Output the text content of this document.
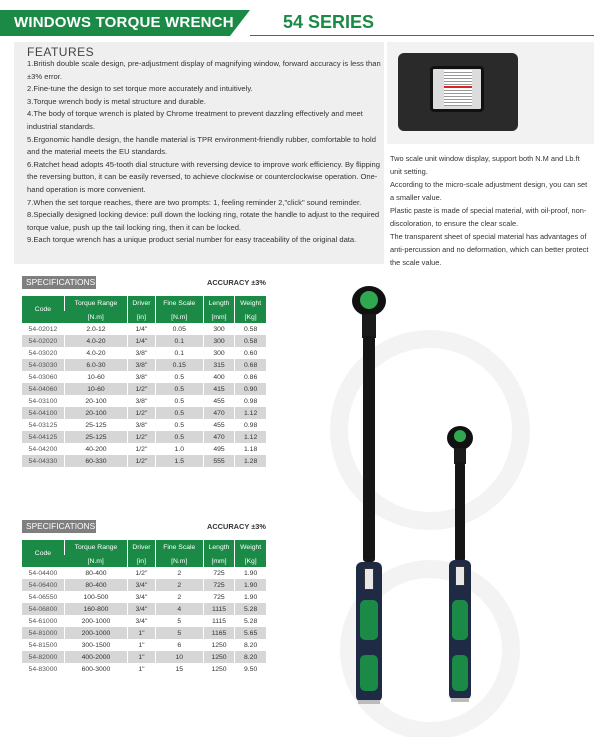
WINDOWS TORQUE WRENCH	54 SERIES
FEATURES
1.British double scale design, pre-adjustment display of magnifying window, forward accuracy is less than ±3% error.
2.Fine-tune the design to set torque more accurately and intuitively.
3.Torque wrench body is metal structure and durable.
4.The body of torque wrench is plated by Chrome treatment to prevent dazzling effectively and meet industrial standards.
5.Ergonomic handle design, the handle material is TPR environment-friendly rubber, comfortable to hold and the material meets the EU standards.
6.Ratchet head adopts 45-tooth dial structure with reversing device to improve work efficiency. By flipping the reversing button, it can be easily reversed, to achieve clockwise or counterclockwise operation. One-hand operation is more convenient.
7.When the set torque reaches, there are two prompts: 1, feeling reminder 2,"click" sound reminder.
8.Specially designed locking device: pull down the locking ring, rotate the handle to adjust to the required torque value, push up the tail locking ring, then it can be locked.
9.Each torque wrench has a unique product serial number for easy traceability of the original data.

Two scale unit window display, support both N.M and Lb.ft unit setting.

According to the micro-scale adjustment design, you can set a smaller value.

Plastic paste is made of special material, with oil-proof, non-discoloration, to ensure the clear scale.

The transparent sheet of special material has advantages of anti-percussion and no deformation, which can better protect the scale value.

SPECIFICATIONS	ACCURACY ±3%
Code	Torque Range	Driver	Fine Scale	Length	Weight
	[N.m]	[in]	[N.m]	[mm]	[Kg]
54-02012	2.0-12	1/4"	0.05	300	0.58
54-02020	4.0-20	1/4"	0.1	300	0.58
54-03020	4.0-20	3/8"	0.1	300	0.60
54-03030	6.0-30	3/8"	0.15	315	0.68
54-03060	10-60	3/8"	0.5	400	0.86
54-04060	10-60	1/2"	0.5	415	0.90
54-03100	20-100	3/8"	0.5	455	0.98
54-04100	20-100	1/2"	0.5	470	1.12
54-03125	25-125	3/8"	0.5	455	0.98
54-04125	25-125	1/2"	0.5	470	1.12
54-04200	40-200	1/2"	1.0	495	1.18
54-04330	60-330	1/2"	1.5	555	1.28
SPECIFICATIONS	ACCURACY ±3%
Code	Torque Range	Driver	Fine Scale	Length	Weight
	[N.m]	[in]	[N.m]	[mm]	[Kg]
54-04400	80-400	1/2"	2	725	1.90
54-06400	80-400	3/4"	2	725	1.90
54-06550	100-500	3/4"	2	725	1.90
54-06800	160-800	3/4"	4	1115	5.28
54-61000	200-1000	3/4"	5	1115	5.28
54-81000	200-1000	1"	5	1165	5.65
54-81500	300-1500	1"	6	1250	8.20
54-82000	400-2000	1"	10	1250	8.20
54-83000	600-3000	1"	15	1250	9.50
